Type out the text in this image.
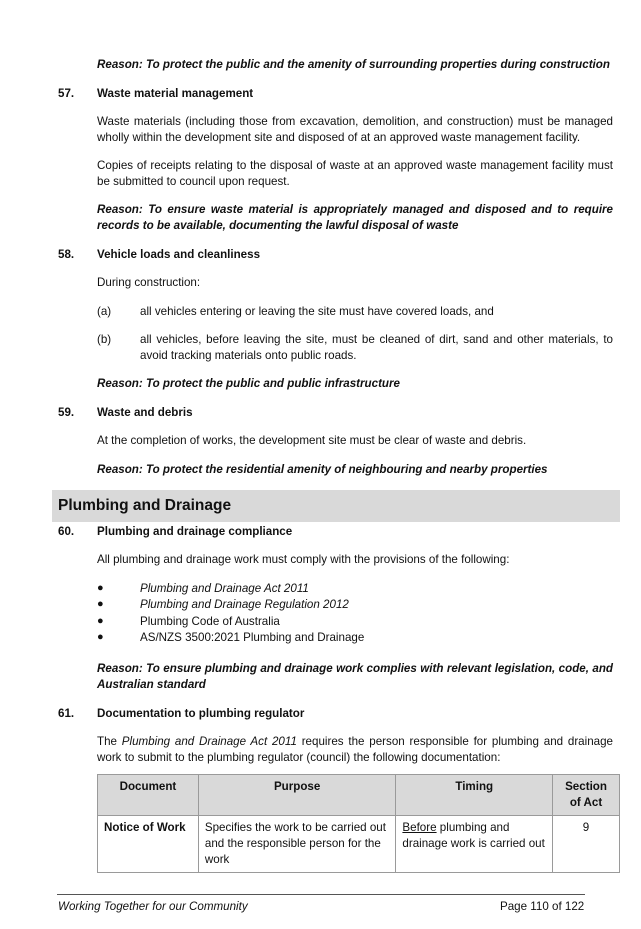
Reason: To protect the public and the amenity of surrounding properties during construction
57. Waste material management
Waste materials (including those from excavation, demolition, and construction) must be managed wholly within the development site and disposed of at an approved waste management facility.
Copies of receipts relating to the disposal of waste at an approved waste management facility must be submitted to council upon request.
Reason: To ensure waste material is appropriately managed and disposed and to require records to be available, documenting the lawful disposal of waste
58. Vehicle loads and cleanliness
During construction:
(a) all vehicles entering or leaving the site must have covered loads, and
(b) all vehicles, before leaving the site, must be cleaned of dirt, sand and other materials, to avoid tracking materials onto public roads.
Reason: To protect the public and public infrastructure
59. Waste and debris
At the completion of works, the development site must be clear of waste and debris.
Reason: To protect the residential amenity of neighbouring and nearby properties
Plumbing and Drainage
60. Plumbing and drainage compliance
All plumbing and drainage work must comply with the provisions of the following:
●	Plumbing and Drainage Act 2011
●	Plumbing and Drainage Regulation 2012
●	Plumbing Code of Australia
●	AS/NZS 3500:2021 Plumbing and Drainage
Reason: To ensure plumbing and drainage work complies with relevant legislation, code, and Australian standard
61. Documentation to plumbing regulator
The Plumbing and Drainage Act 2011 requires the person responsible for plumbing and drainage work to submit to the plumbing regulator (council) the following documentation:
Document	Purpose	Timing	Section of Act
Notice of Work	Specifies the work to be carried out and the responsible person for the work	Before plumbing and drainage work is carried out	9
Working Together for our Community	Page 110 of 122
